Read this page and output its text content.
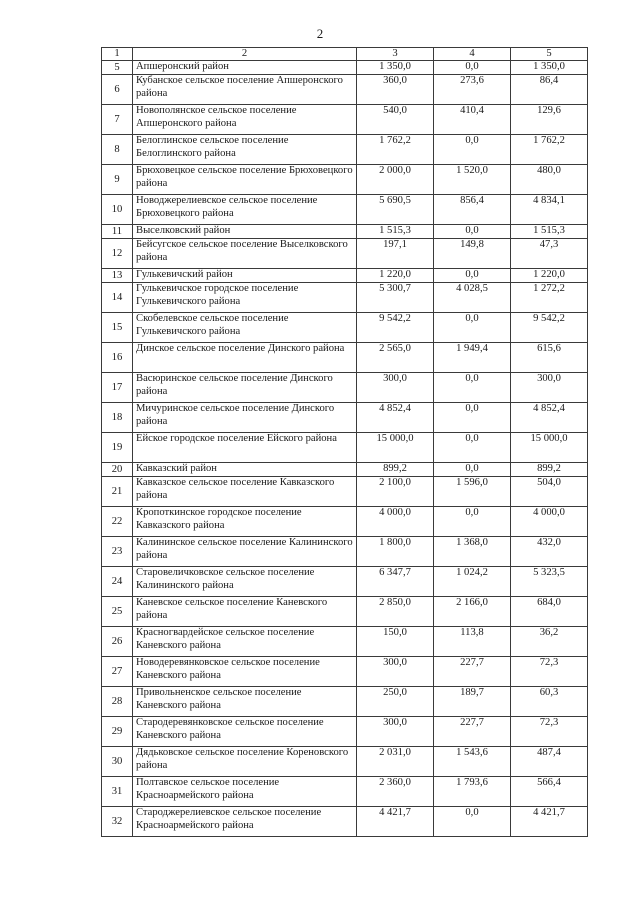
2
1	2	3	4	5
5	Апшеронский район	1 350,0	0,0	1 350,0
6	Кубанское сельское поселение Апшеронского района	360,0	273,6	86,4
7	Новополянское сельское поселение Апшеронского района	540,0	410,4	129,6
8	Белоглинское сельское поселение Белоглинского района	1 762,2	0,0	1 762,2
9	Брюховецкое сельское поселение Брюховецкого района	2 000,0	1 520,0	480,0
10	Новоджерелиевское сельское поселение Брюховецкого района	5 690,5	856,4	4 834,1
11	Выселковский район	1 515,3	0,0	1 515,3
12	Бейсугское сельское поселение Выселковского района	197,1	149,8	47,3
13	Гулькевичский район	1 220,0	0,0	1 220,0
14	Гулькевичское городское поселение Гулькевичского района	5 300,7	4 028,5	1 272,2
15	Скобелевское сельское поселение Гулькевичского района	9 542,2	0,0	9 542,2
16	Динское сельское поселение Динского района	2 565,0	1 949,4	615,6
17	Васюринское сельское поселение Динского района	300,0	0,0	300,0
18	Мичуринское сельское поселение Динского района	4 852,4	0,0	4 852,4
19	Ейское городское поселение Ейского района	15 000,0	0,0	15 000,0
20	Кавказский район	899,2	0,0	899,2
21	Кавказское сельское поселение Кавказского района	2 100,0	1 596,0	504,0
22	Кропоткинское городское поселение Кавказского района	4 000,0	0,0	4 000,0
23	Калининское сельское поселение Калининского района	1 800,0	1 368,0	432,0
24	Старовеличковское сельское поселение Калининского района	6 347,7	1 024,2	5 323,5
25	Каневское сельское поселение Каневского района	2 850,0	2 166,0	684,0
26	Красногвардейское сельское поселение Каневского района	150,0	113,8	36,2
27	Новодеревянковское сельское поселение Каневского района	300,0	227,7	72,3
28	Привольненское сельское поселение Каневского района	250,0	189,7	60,3
29	Стародеревянковское сельское поселение Каневского района	300,0	227,7	72,3
30	Дядьковское сельское поселение Кореновского района	2 031,0	1 543,6	487,4
31	Полтавское сельское поселение Красноармейского района	2 360,0	1 793,6	566,4
32	Староджерелиевское сельское поселение Красноармейского района	4 421,7	0,0	4 421,7
